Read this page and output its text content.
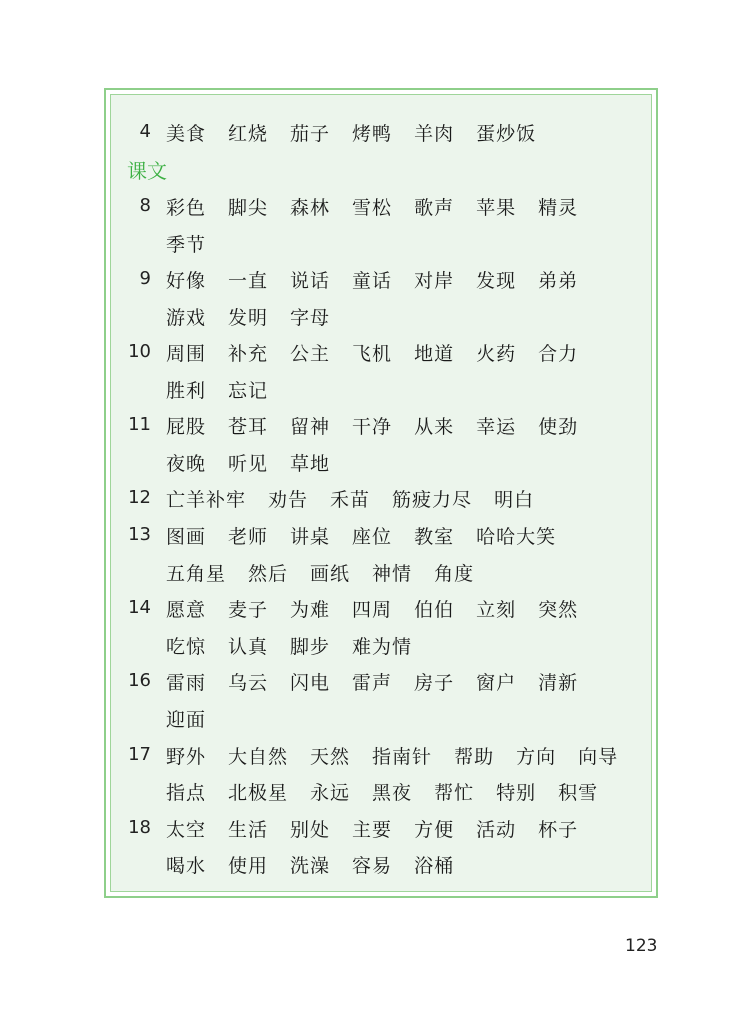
课文
4 美食 红烧 茄子 烤鸭 羊肉 蛋炒饭
8 彩色 脚尖 森林 雪松 歌声 苹果 精灵
季节
9 好像 一直 说话 童话 对岸 发现 弟弟
游戏 发明 字母
10 周围 补充 公主 飞机 地道 火药 合力
胜利 忘记
11 屁股 苍耳 留神 干净 从来 幸运 使劲
夜晚 听见 草地
12 亡羊补牢 劝告 禾苗 筋疲力尽 明白
13 图画 老师 讲桌 座位 教室 哈哈大笑
五角星 然后 画纸 神情 角度
14 愿意 麦子 为难 四周 伯伯 立刻 突然
吃惊 认真 脚步 难为情
16 雷雨 乌云 闪电 雷声 房子 窗户 清新
迎面
17 野外 大自然 天然 指南针 帮助 方向 向导
指点 北极星 永远 黑夜 帮忙 特别 积雪
18 太空 生活 别处 主要 方便 活动 杯子
喝水 使用 洗澡 容易 浴桶
123
